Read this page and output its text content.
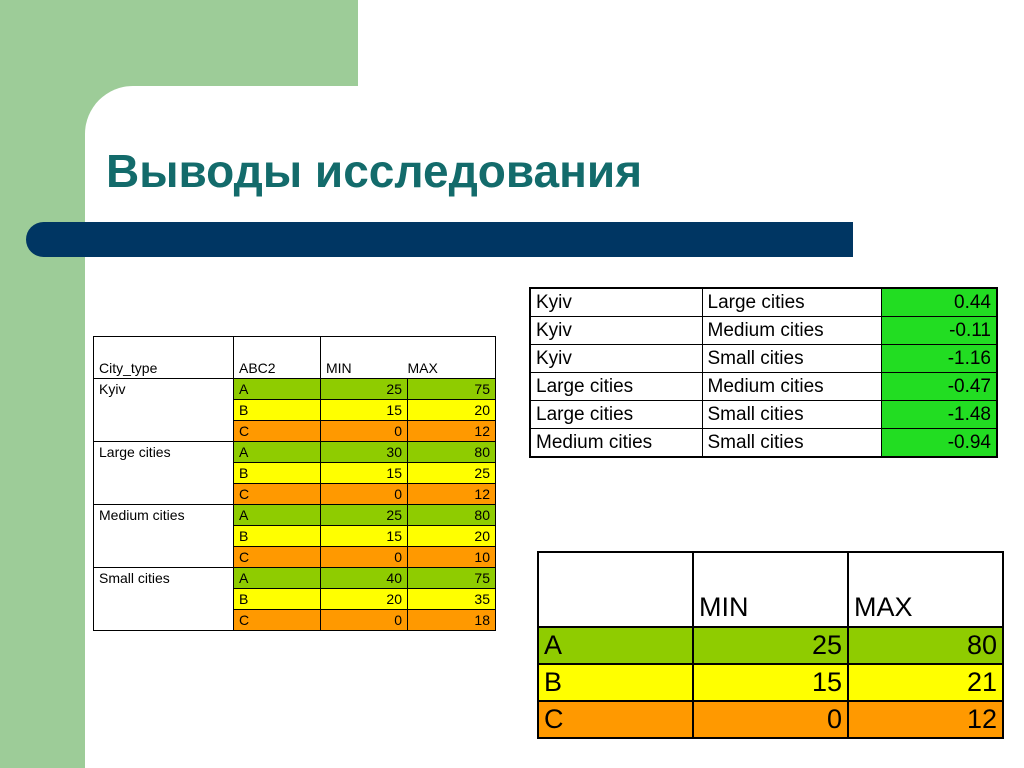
Выводы исследования
City_type	ABC2	MIN	MAX
Kyiv	A	25	75
	B	15	20
	C	0	12
Large cities	A	30	80
	B	15	25
	C	0	12
Medium cities	A	25	80
	B	15	20
	C	0	10
Small cities	A	40	75
	B	20	35
	C	0	18
Kyiv	Large cities	0.44
Kyiv	Medium cities	-0.11
Kyiv	Small cities	-1.16
Large cities	Medium cities	-0.47
Large cities	Small cities	-1.48
Medium cities	Small cities	-0.94
	MIN	MAX
A	25	80
B	15	21
C	0	12
